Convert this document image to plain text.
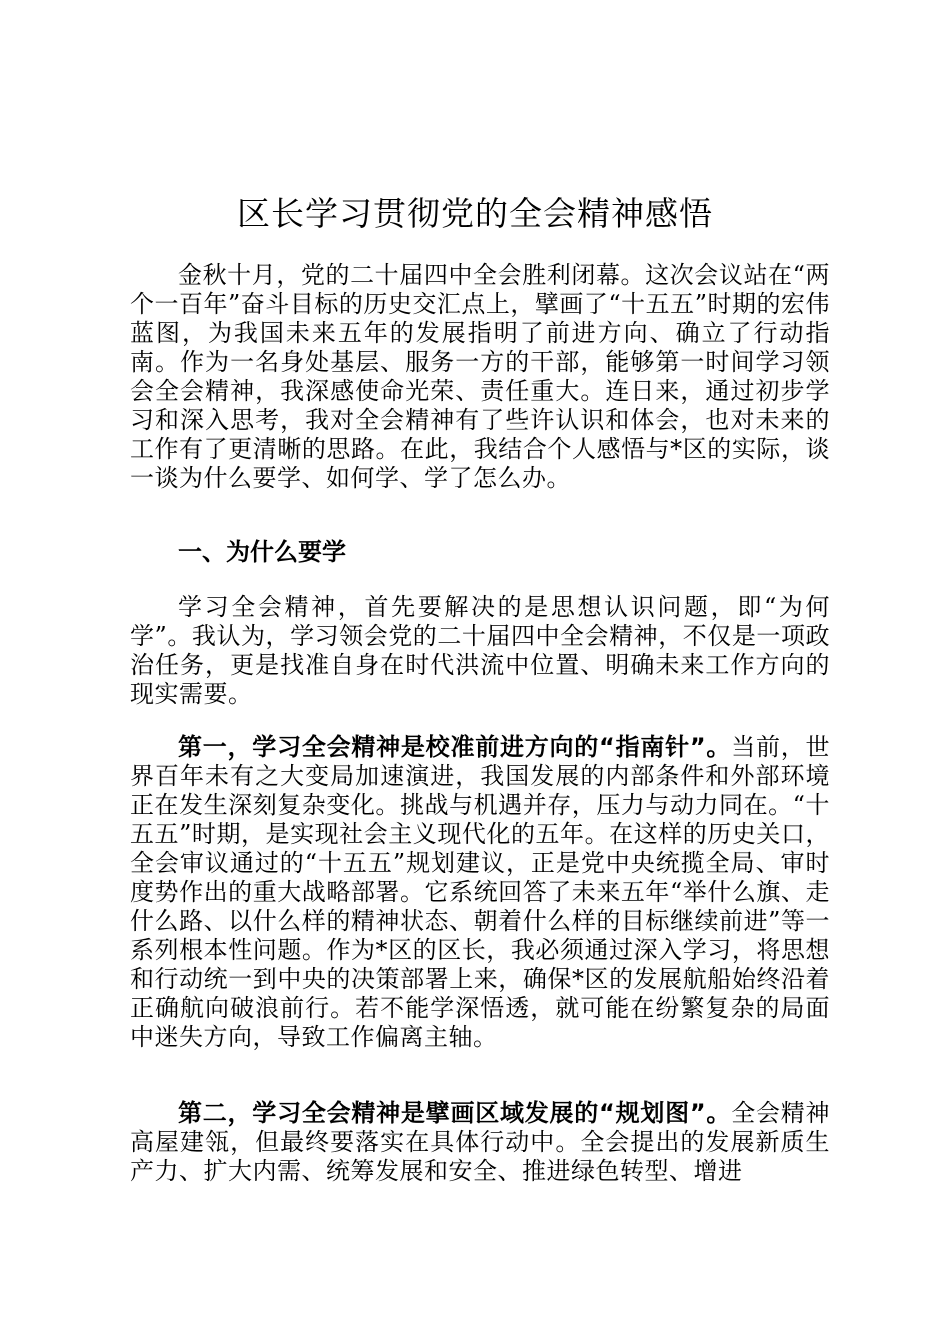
区长学习贯彻党的全会精神感悟

金秋十月，党的二十届四中全会胜利闭幕。这次会议站在“两个一百年”奋斗目标的历史交汇点上，擘画了“十五五”时期的宏伟蓝图，为我国未来五年的发展指明了前进方向、确立了行动指南。作为一名身处基层、服务一方的干部，能够第一时间学习领会全会精神，我深感使命光荣、责任重大。连日来，通过初步学习和深入思考，我对全会精神有了些许认识和体会，也对未来的工作有了更清晰的思路。在此，我结合个人感悟与*区的实际，谈一谈为什么要学、如何学、学了怎么办。

一、为什么要学

学习全会精神，首先要解决的是思想认识问题，即“为何学”。我认为，学习领会党的二十届四中全会精神，不仅是一项政治任务，更是找准自身在时代洪流中位置、明确未来工作方向的现实需要。

第一，学习全会精神是校准前进方向的“指南针”。当前，世界百年未有之大变局加速演进，我国发展的内部条件和外部环境正在发生深刻复杂变化。挑战与机遇并存，压力与动力同在。“十五五”时期，是实现社会主义现代化的五年。在这样的历史关口，全会审议通过的“十五五”规划建议，正是党中央统揽全局、审时度势作出的重大战略部署。它系统回答了未来五年“举什么旗、走什么路、以什么样的精神状态、朝着什么样的目标继续前进”等一系列根本性问题。作为*区的区长，我必须通过深入学习，将思想和行动统一到中央的决策部署上来，确保*区的发展航船始终沿着正确航向破浪前行。若不能学深悟透，就可能在纷繁复杂的局面中迷失方向，导致工作偏离主轴。

第二，学习全会精神是擘画区域发展的“规划图”。全会精神高屋建瓴，但最终要落实在具体行动中。全会提出的发展新质生产力、扩大内需、统筹发展和安全、推进绿色转型、增进
